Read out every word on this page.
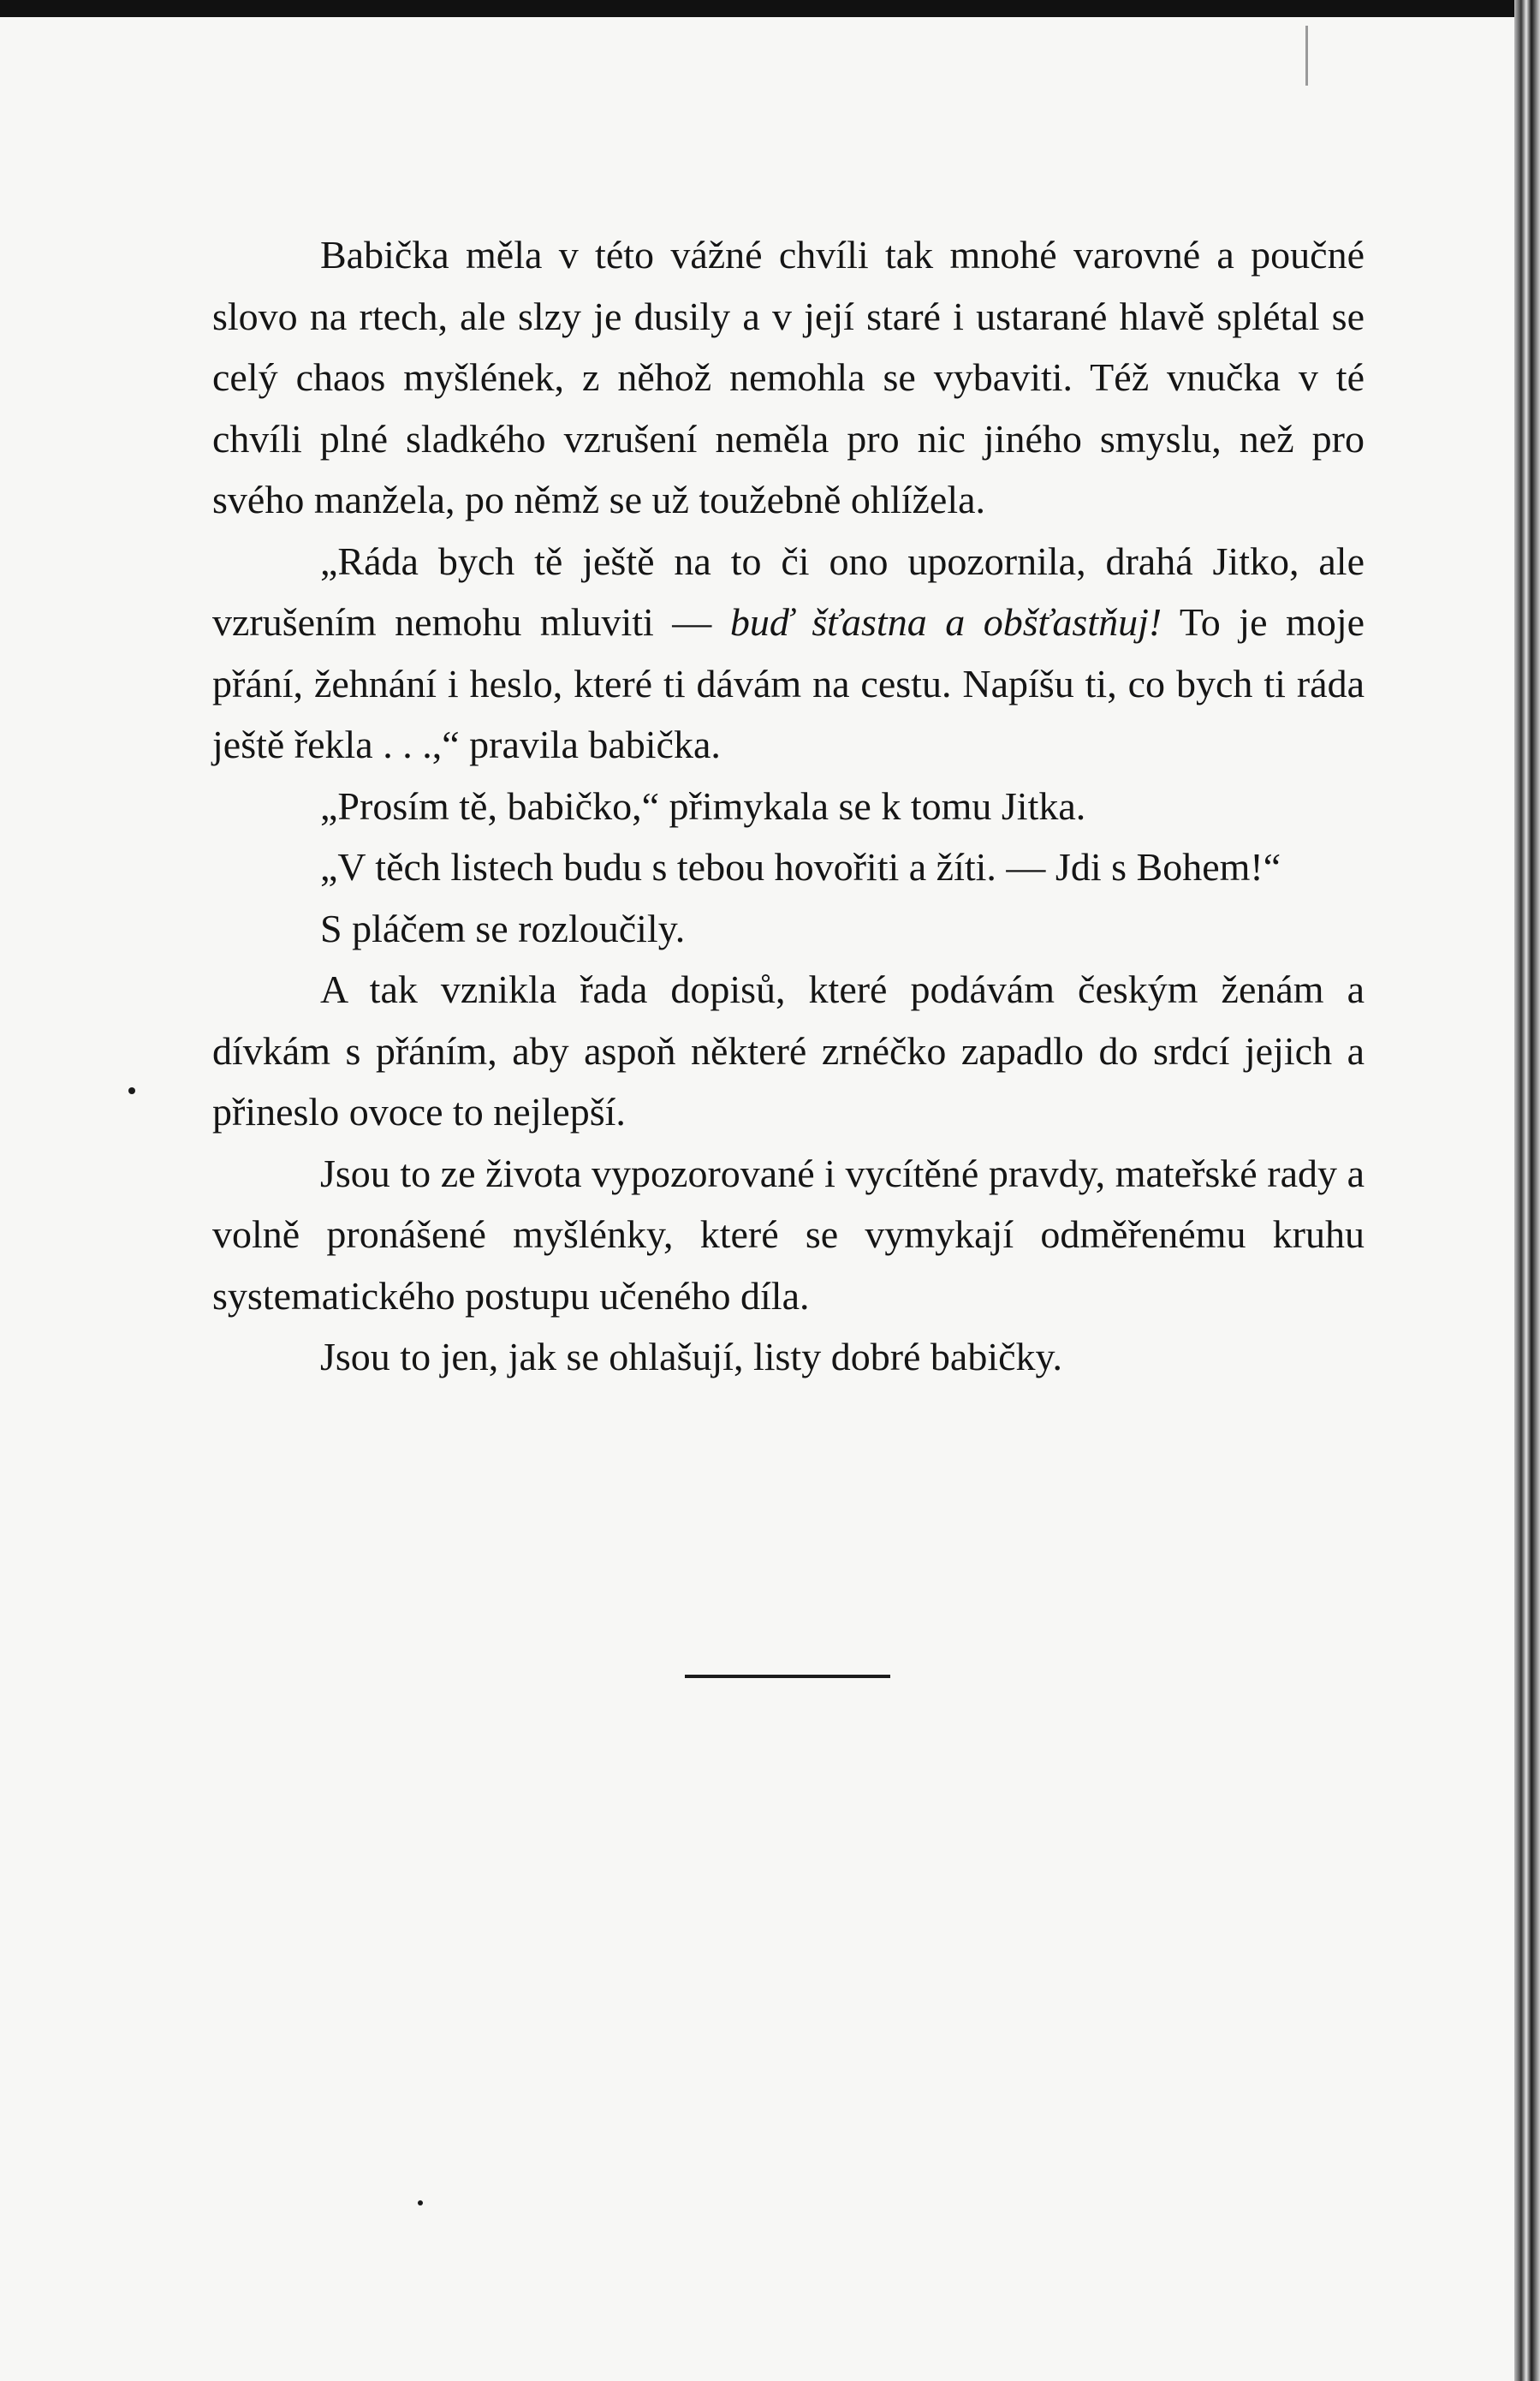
Babička měla v této vážné chvíli tak mnohé varovné a poučné slovo na rtech, ale slzy je dusily a v její staré i ustarané hlavě splétal se celý chaos myšlének, z něhož nemohla se vybaviti. Též vnučka v té chvíli plné sladkého vzrušení neměla pro nic jiného smyslu, než pro svého manžela, po němž se už toužebně ohlížela.

„Ráda bych tě ještě na to či ono upozornila, drahá Jitko, ale vzrušením nemohu mluviti — buď šťastna a obšťastňuj! To je moje přání, žehnání i heslo, které ti dávám na cestu. Napíšu ti, co bych ti ráda ještě řekla . . .,“ pravila babička.

„Prosím tě, babičko,“ přimykala se k tomu Jitka.

„V těch listech budu s tebou hovořiti a žíti. — Jdi s Bohem!“

S pláčem se rozloučily.

A tak vznikla řada dopisů, které podávám českým ženám a dívkám s přáním, aby aspoň některé zrnéčko zapadlo do srdcí jejich a přineslo ovoce to nejlepší.

Jsou to ze života vypozorované i vycítěné pravdy, mateřské rady a volně pronášené myšlénky, které se vymykají odměřenému kruhu systematického postupu učeného díla.

Jsou to jen, jak se ohlašují, listy dobré babičky.
